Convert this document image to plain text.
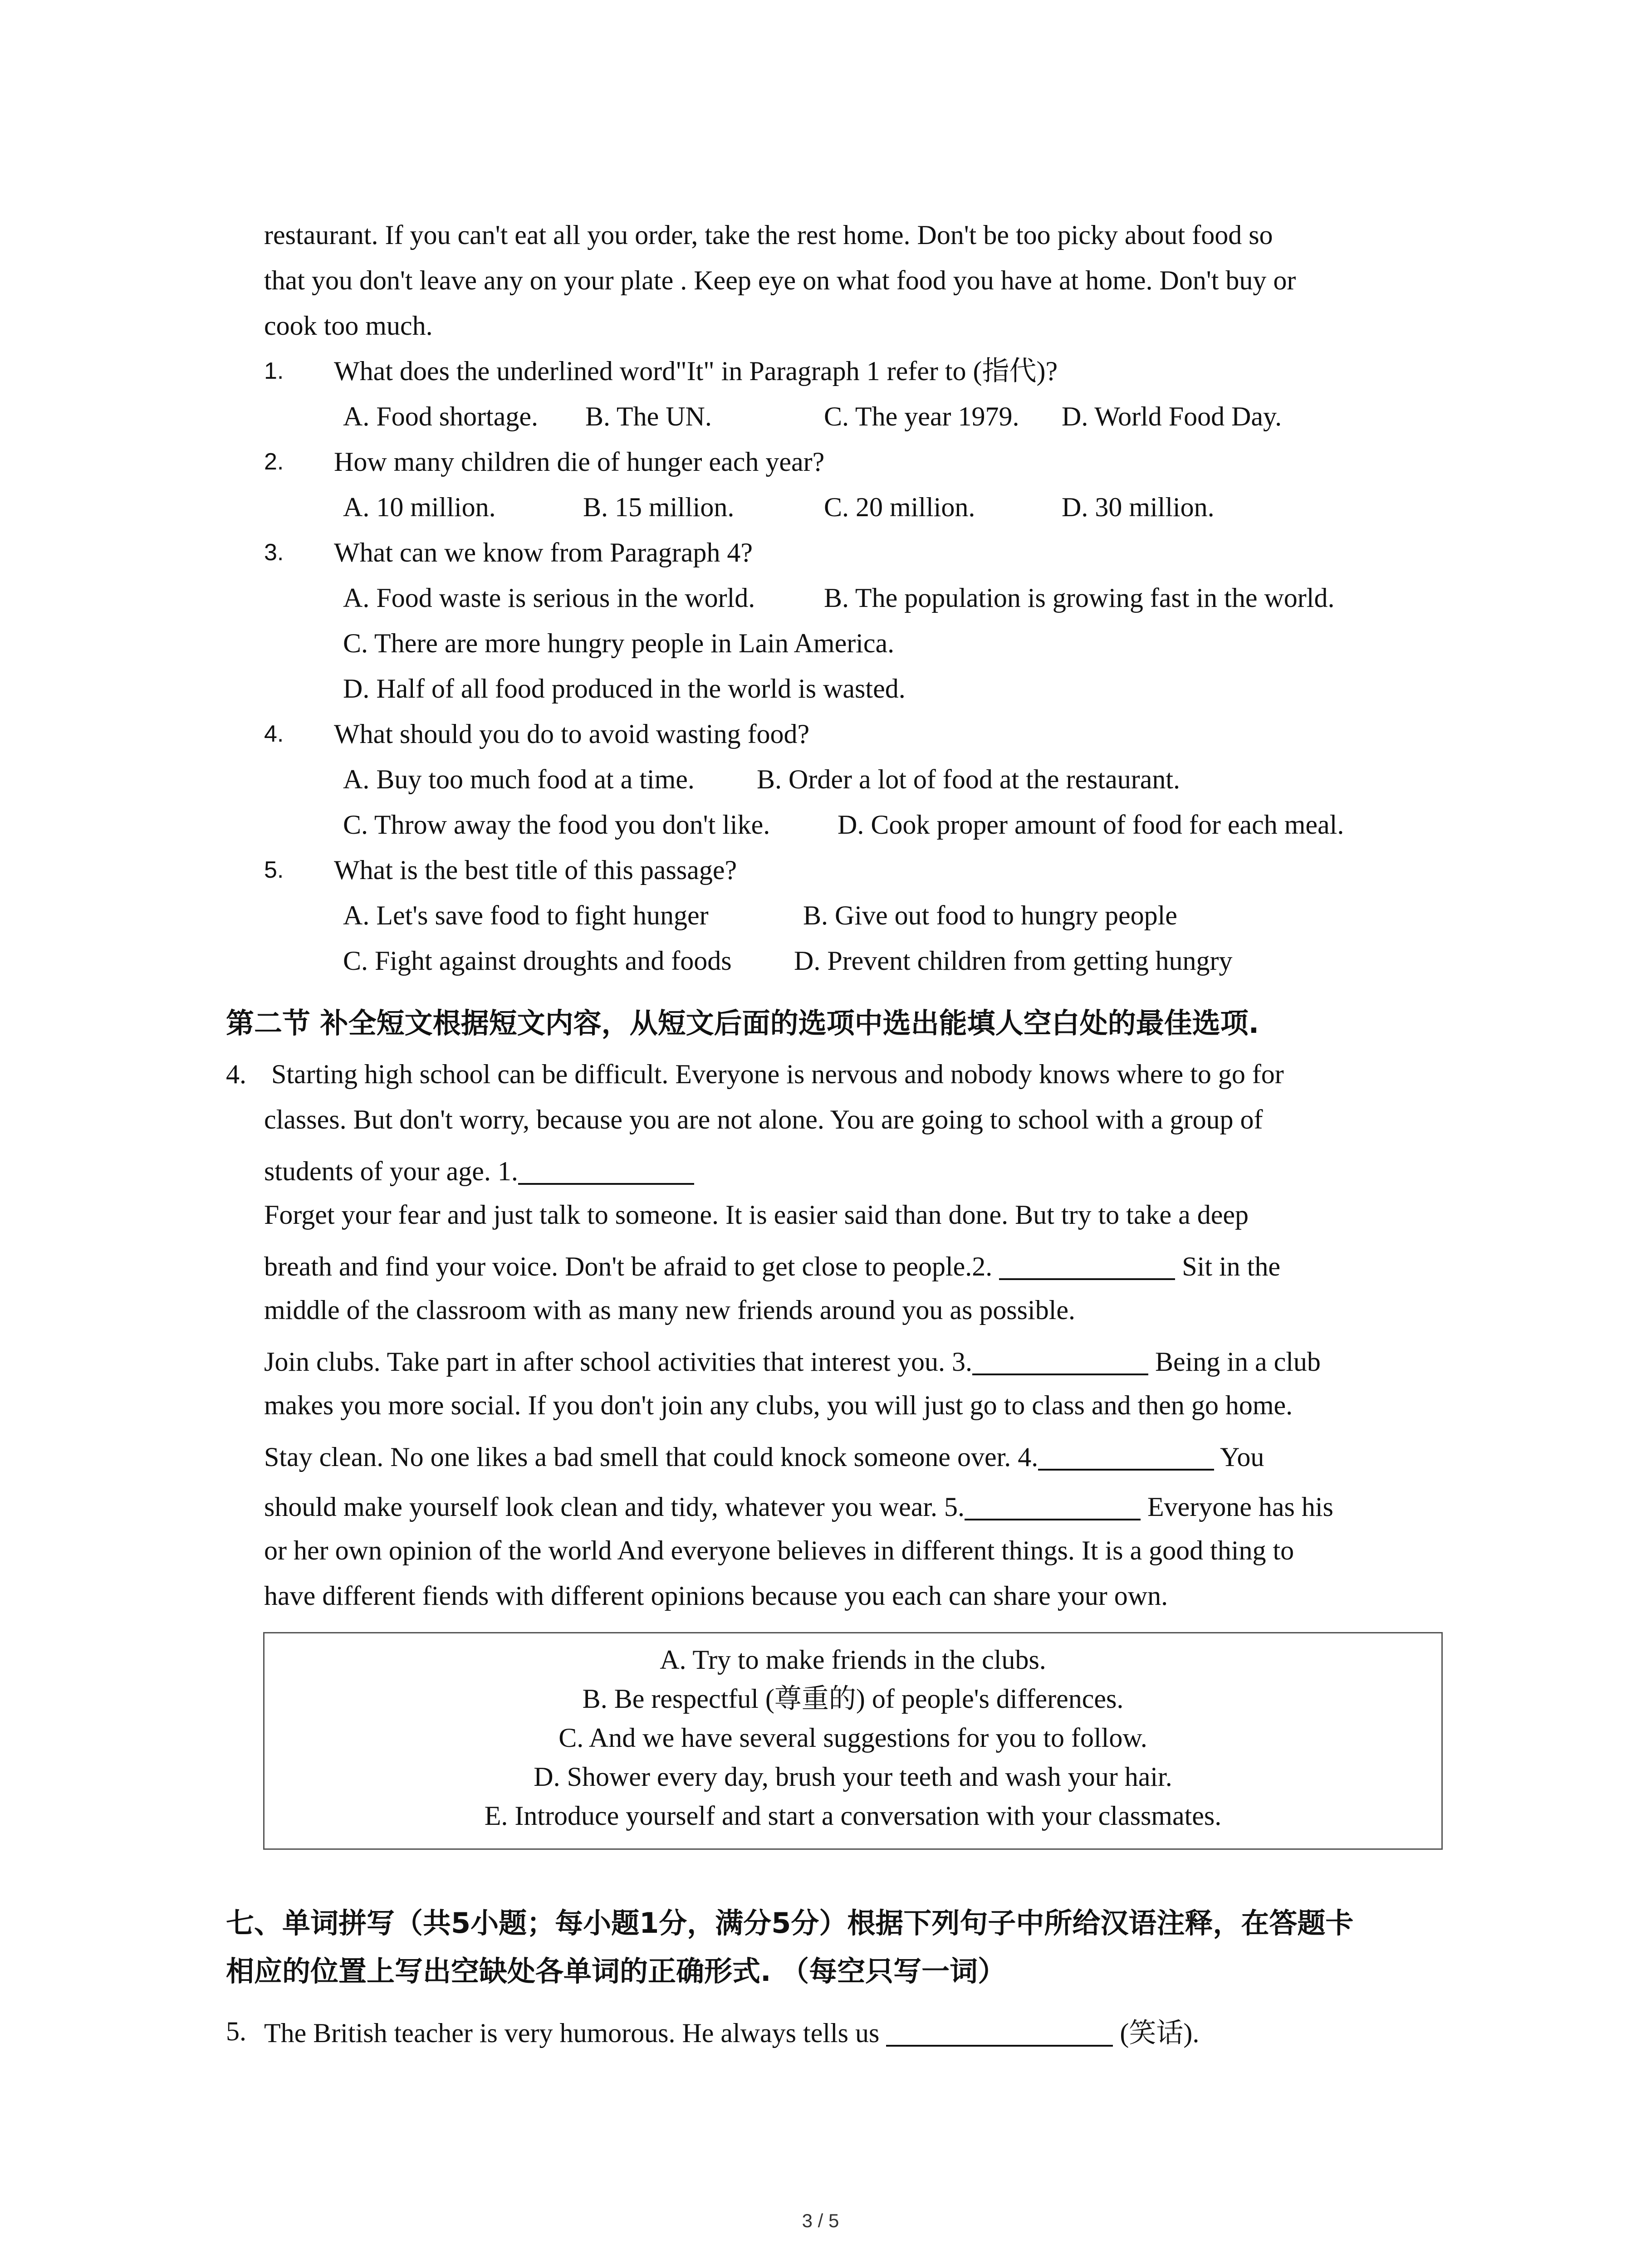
restaurant. If you can't eat all you order, take the rest home. Don't be too picky about food so
that you don't leave any on your plate . Keep eye on what food you have at home. Don't buy or
cook too much.
1. What does the underlined word"It" in Paragraph 1 refer to (指代)?
A. Food shortage. B. The UN.	C. The year 1979. D. World Food Day.
2. How many children die of hunger each year?
A. 10 million.	B. 15 million.	C. 20 million.	D. 30 million.
3. What can we know from Paragraph 4?
A. Food waste is serious in the world.	B. The population is growing fast in the world.
C. There are more hungry people in Lain America.
D. Half of all food produced in the world is wasted.
4. What should you do to avoid wasting food?
A. Buy too much food at a time. B. Order a lot of food at the restaurant.
C. Throw away the food you don't like. D. Cook proper amount of food for each meal.
5. What is the best title of this passage?
A. Let's save food to fight hunger	B. Give out food to hungry people
C. Fight against droughts and foods D. Prevent children from getting hungry
第二节 补全短文根据短文内容，从短文后面的选项中选出能填人空白处的最佳选项.
4. Starting high school can be difficult. Everyone is nervous and nobody knows where to go for
classes. But don't worry, because you are not alone. You are going to school with a group of
students of your age. 1.
Forget your fear and just talk to someone. It is easier said than done. But try to take a deep
breath and find your voice. Don't be afraid to get close to people.2.	Sit in the
middle of the classroom with as many new friends around you as possible.
Join clubs. Take part in after school activities that interest you. 3.	Being in a club
makes you more social. If you don't join any clubs, you will just go to class and then go home.
Stay clean. No one likes a bad smell that could knock someone over. 4.	You
should make yourself look clean and tidy, whatever you wear. 5.	Everyone has his
or her own opinion of the world And everyone believes in different things. It is a good thing to
have different fiends with different opinions because you each can share your own.
A. Try to make friends in the clubs.
B. Be respectful (尊重的) of people's differences.
C. And we have several suggestions for you to follow.
D. Shower every day, brush your teeth and wash your hair.
E. Introduce yourself and start a conversation with your classmates.
七、单词拼写（共5小题；每小题1分，满分5分）根据下列句子中所给汉语注释，在答题卡
相应的位置上写出空缺处各单词的正确形式. （每空只写一词）
5. The British teacher is very humorous. He always tells us	(笑话).
3 / 5
